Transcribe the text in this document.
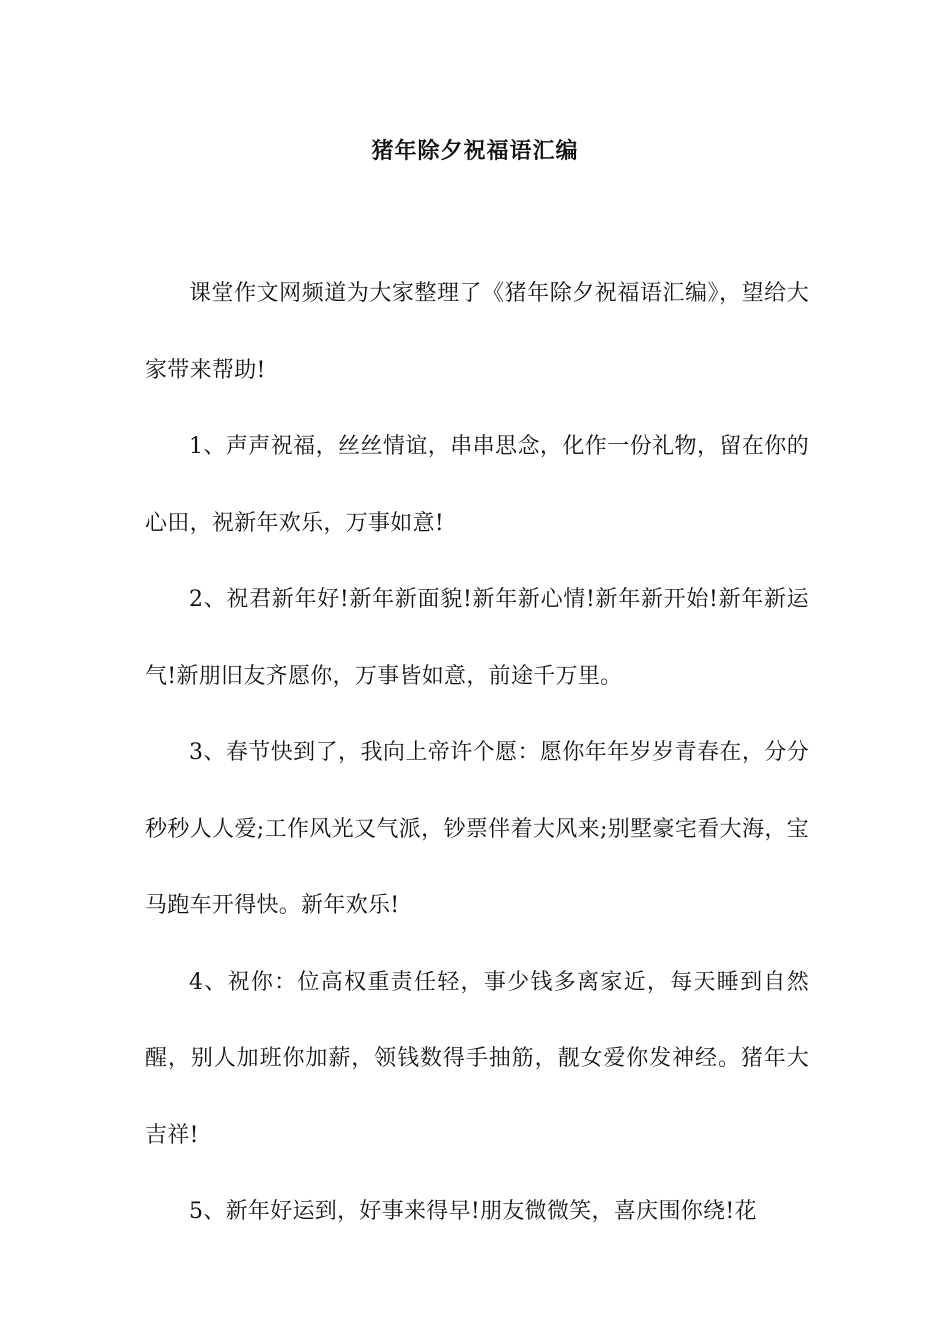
猪年除夕祝福语汇编

课堂作文网频道为大家整理了《猪年除夕祝福语汇编》，望给大家带来帮助!

1、声声祝福，丝丝情谊，串串思念，化作一份礼物，留在你的心田，祝新年欢乐，万事如意!

2、祝君新年好!新年新面貌!新年新心情!新年新开始!新年新运气!新朋旧友齐愿你，万事皆如意，前途千万里。

3、春节快到了，我向上帝许个愿：愿你年年岁岁青春在，分分秒秒人人爱;工作风光又气派，钞票伴着大风来;别墅豪宅看大海，宝马跑车开得快。新年欢乐!

4、祝你：位高权重责任轻，事少钱多离家近，每天睡到自然醒，别人加班你加薪，领钱数得手抽筋，靓女爱你发神经。猪年大吉祥!

5、新年好运到，好事来得早!朋友微微笑，喜庆围你绕!花
